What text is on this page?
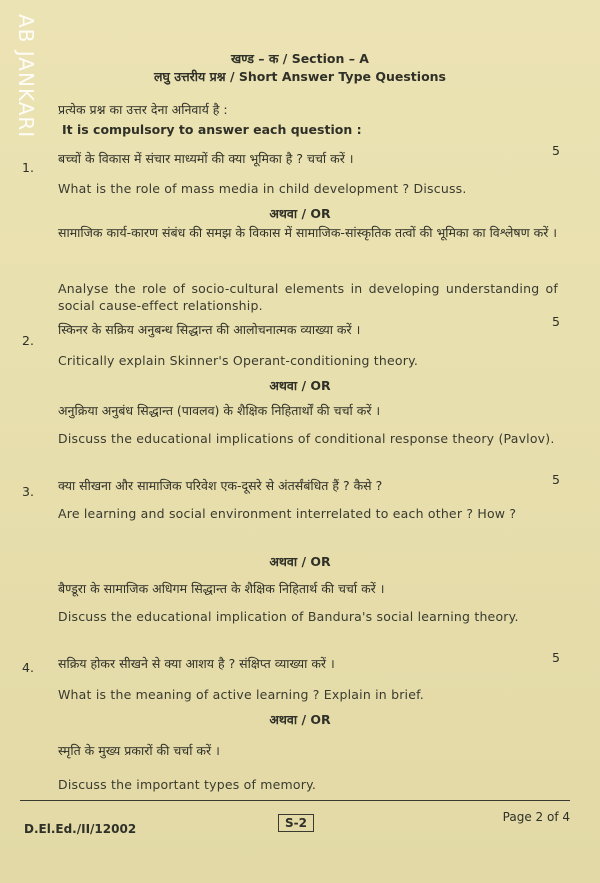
AB JANKARI	खण्ड – क / Section – A
लघु उत्तरीय प्रश्न / Short Answer Type Questions
प्रत्येक प्रश्न का उत्तर देना अनिवार्य है :
It is compulsory to answer each question :
1.
5
बच्चों के विकास में संचार माध्यमों की क्या भूमिका है ? चर्चा करें ।
What is the role of mass media in child development ? Discuss.
अथवा / OR
सामाजिक कार्य-कारण संबंध की समझ के विकास में सामाजिक-सांस्कृतिक तत्वों की भूमिका का विश्लेषण करें ।
Analyse the role of socio-cultural elements in developing understanding of social cause-effect relationship.
2.
5
स्किनर के सक्रिय अनुबन्ध सिद्धान्त की आलोचनात्मक व्याख्या करें ।
Critically explain Skinner's Operant-conditioning theory.
अथवा / OR
अनुक्रिया अनुबंध सिद्धान्त (पावलव) के शैक्षिक निहितार्थों की चर्चा करें ।
Discuss the educational implications of conditional response theory (Pavlov).
3.
5
क्या सीखना और सामाजिक परिवेश एक-दूसरे से अंतर्संबंधित हैं ? कैसे ?
Are learning and social environment interrelated to each other ? How ?
अथवा / OR
बैण्डूरा के सामाजिक अधिगम सिद्धान्त के शैक्षिक निहितार्थ की चर्चा करें ।
Discuss the educational implication of Bandura's social learning theory.
4.
5
सक्रिय होकर सीखने से क्या आशय है ? संक्षिप्त व्याख्या करें ।
What is the meaning of active learning ? Explain in brief.
अथवा / OR
स्मृति के मुख्य प्रकारों की चर्चा करें ।
Discuss the important types of memory.
D.El.Ed./II/12002	S-2	Page 2 of 4
